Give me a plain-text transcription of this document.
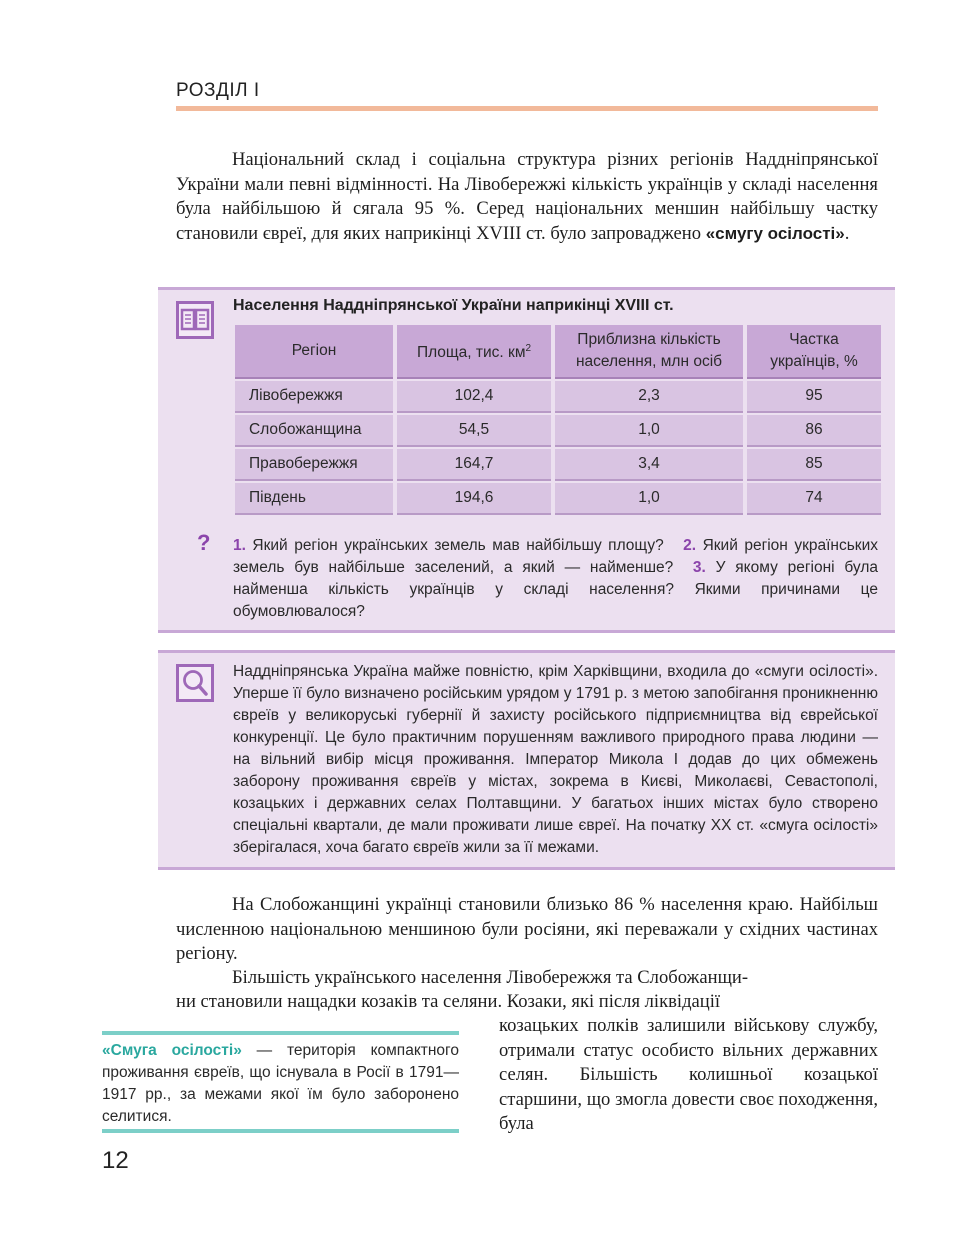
РОЗДІЛ І

Національний склад і соціальна структура різних регіонів Наддніпрянської України мали певні відмінності. На Лівобережжі кількість українців у складі населення була найбільшою й сягала 95 %. Серед національних меншин найбільшу частку становили євреї, для яких наприкінці XVIII ст. було запроваджено «смугу осілості».

Населення Наддніпрянської України наприкінці XVIII ст.
Регіон	Площа, тис. $км^2$	Приблизна кількість населення, млн осіб	Частка українців, %
Лівобережжя	102,4	2,3	95
Слобожанщина	54,5	1,0	86
Правобережжя	164,7	3,4	85
Південь	194,6	1,0	74
? 1. Який регіон українських земель мав найбільшу площу? 2. Який регіон українських земель був найбільше заселений, а який — найменше? 3. У якому регіоні була найменша кількість українців у складі населення? Якими причинами це обумовлювалося?

Наддніпрянська Україна майже повністю, крім Харківщини, входила до «смуги осілості». Уперше її було визначено російським урядом у 1791 р. з метою запобігання проникненню євреїв у великоруські губернії й захисту російського підприємництва від єврейської конкуренції. Це було практичним порушенням важливого природного права людини — на вільний вибір місця проживання. Імператор Микола І додав до цих обмежень заборону проживання євреїв у містах, зокрема в Києві, Миколаєві, Севастополі, козацьких і державних селах Полтавщини. У багатьох інших містах було створено спеціальні квартали, де мали проживати лише євреї. На початку XX ст. «смуга осілості» зберігалася, хоча багато євреїв жили за її межами.

На Слобожанщині українці становили близько 86 % населення краю. Найбільш численною національною меншиною були росіяни, які переважали у східних частинах регіону.

Більшість українського населення Лівобережжя та Слобожанщи-

ни становили нащадки козаків та селяни. Козаки, які після ліквідації

козацьких полків залишили військову службу, отримали статус особисто вільних державних селян. Більшість колишньої козацької старшини, що змогла довести своє походження, була

«Смуга осілості» — територія компактного проживання євреїв, що існувала в Росії в 1791—1917 рр., за межами якої їм було заборонено селитися.

12
